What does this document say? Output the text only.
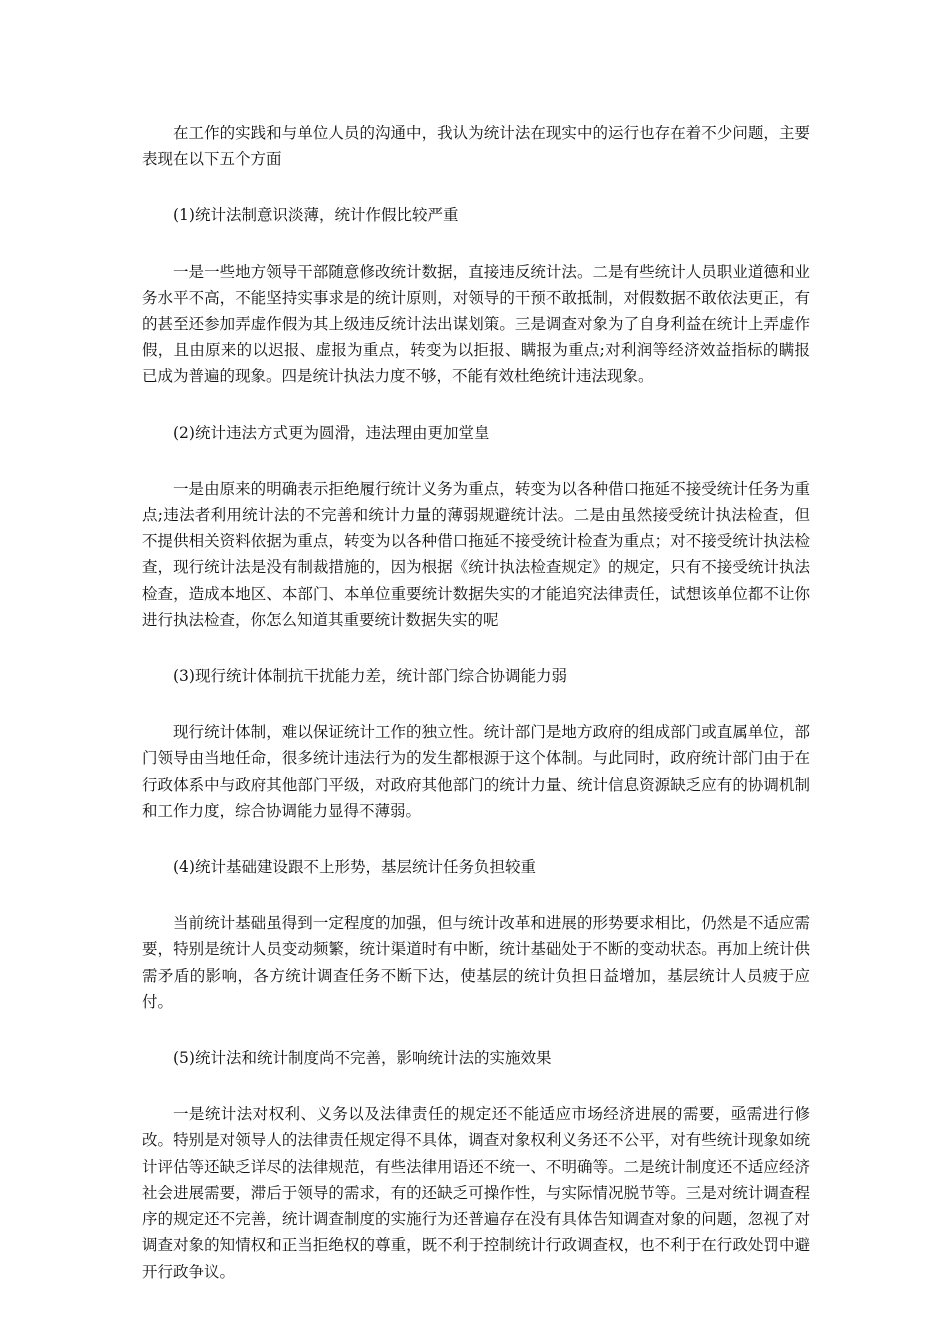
在工作的实践和与单位人员的沟通中，我认为统计法在现实中的运行也存在着不少问题，主要表现在以下五个方面

(1)统计法制意识淡薄，统计作假比较严重

一是一些地方领导干部随意修改统计数据，直接违反统计法。二是有些统计人员职业道德和业务水平不高，不能坚持实事求是的统计原则，对领导的干预不敢抵制，对假数据不敢依法更正，有的甚至还参加弄虚作假为其上级违反统计法出谋划策。三是调查对象为了自身利益在统计上弄虚作假，且由原来的以迟报、虚报为重点，转变为以拒报、瞒报为重点;对利润等经济效益指标的瞒报已成为普遍的现象。四是统计执法力度不够，不能有效杜绝统计违法现象。

(2)统计违法方式更为圆滑，违法理由更加堂皇

一是由原来的明确表示拒绝履行统计义务为重点，转变为以各种借口拖延不接受统计任务为重点;违法者利用统计法的不完善和统计力量的薄弱规避统计法。二是由虽然接受统计执法检查，但不提供相关资料依据为重点，转变为以各种借口拖延不接受统计检查为重点；对不接受统计执法检查，现行统计法是没有制裁措施的，因为根据《统计执法检查规定》的规定，只有不接受统计执法检查，造成本地区、本部门、本单位重要统计数据失实的才能追究法律责任，试想该单位都不让你进行执法检查，你怎么知道其重要统计数据失实的呢

(3)现行统计体制抗干扰能力差，统计部门综合协调能力弱

现行统计体制，难以保证统计工作的独立性。统计部门是地方政府的组成部门或直属单位，部门领导由当地任命，很多统计违法行为的发生都根源于这个体制。与此同时，政府统计部门由于在行政体系中与政府其他部门平级，对政府其他部门的统计力量、统计信息资源缺乏应有的协调机制和工作力度，综合协调能力显得不薄弱。

(4)统计基础建设跟不上形势，基层统计任务负担较重

当前统计基础虽得到一定程度的加强，但与统计改革和进展的形势要求相比，仍然是不适应需要，特别是统计人员变动频繁，统计渠道时有中断，统计基础处于不断的变动状态。再加上统计供需矛盾的影响，各方统计调查任务不断下达，使基层的统计负担日益增加，基层统计人员疲于应付。

(5)统计法和统计制度尚不完善，影响统计法的实施效果

一是统计法对权利、义务以及法律责任的规定还不能适应市场经济进展的需要，亟需进行修改。特别是对领导人的法律责任规定得不具体，调查对象权利义务还不公平，对有些统计现象如统计评估等还缺乏详尽的法律规范，有些法律用语还不统一、不明确等。二是统计制度还不适应经济社会进展需要，滞后于领导的需求，有的还缺乏可操作性，与实际情况脱节等。三是对统计调查程序的规定还不完善，统计调查制度的实施行为还普遍存在没有具体告知调查对象的问题，忽视了对调查对象的知情权和正当拒绝权的尊重，既不利于控制统计行政调查权，也不利于在行政处罚中避开行政争议。
